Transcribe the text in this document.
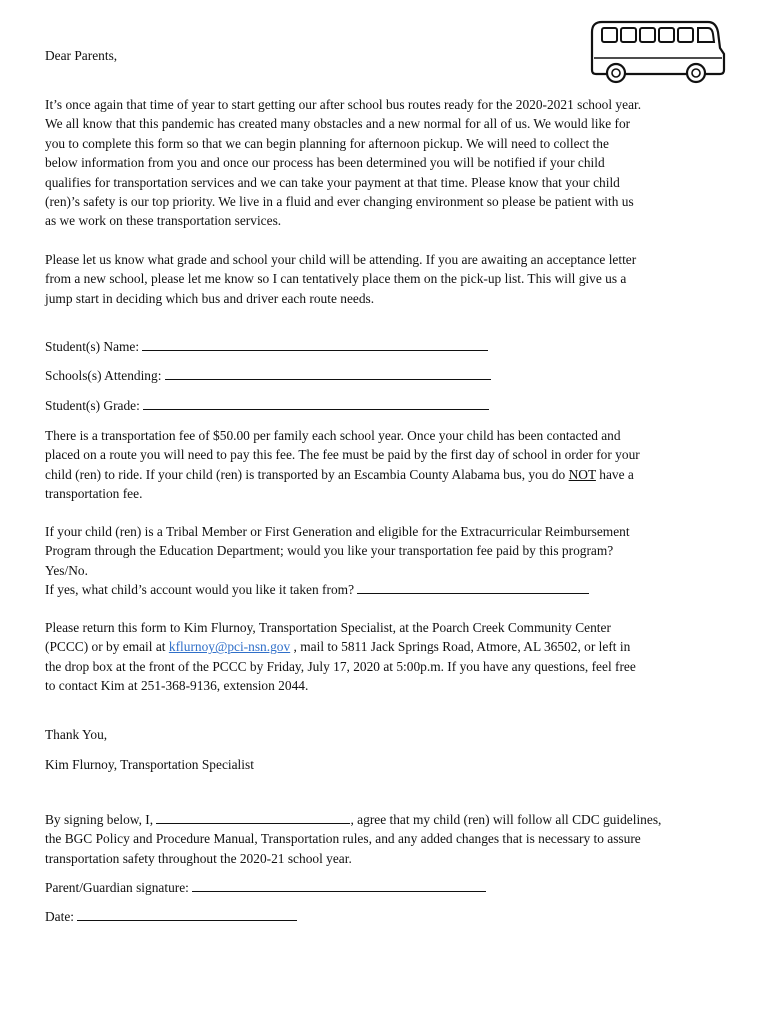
Dear Parents,

It’s once again that time of year to start getting our after school bus routes ready for the 2020-2021 school year.

We all know that this pandemic has created many obstacles and a new normal for all of us. We would like for

you to complete this form so that we can begin planning for afternoon pickup. We will need to collect the

below information from you and once our process has been determined you will be notified if your child

qualifies for transportation services and we can take your payment at that time. Please know that your child

(ren)’s safety is our top priority. We live in a fluid and ever changing environment so please be patient with us

as we work on these transportation services.

Please let us know what grade and school your child will be attending. If you are awaiting an acceptance letter

from a new school, please let me know so I can tentatively place them on the pick-up list. This will give us a

jump start in deciding which bus and driver each route needs.

Student(s) Name:
Schools(s) Attending:
Student(s) Grade:

There is a transportation fee of $50.00 per family each school year. Once your child has been contacted and

placed on a route you will need to pay this fee. The fee must be paid by the first day of school in order for your

child (ren) to ride. If your child (ren) is transported by an Escambia County Alabama bus, you do NOT have a

transportation fee.

If your child (ren) is a Tribal Member or First Generation and eligible for the Extracurricular Reimbursement

Program through the Education Department; would you like your transportation fee paid by this program?

Yes/No.

If yes, what child’s account would you like it taken from?

Please return this form to Kim Flurnoy, Transportation Specialist, at the Poarch Creek Community Center

(PCCC) or by email at kflurnoy@pci-nsn.gov , mail to 5811 Jack Springs Road, Atmore, AL 36502, or left in

the drop box at the front of the PCCC by Friday, July 17, 2020 at 5:00p.m. If you have any questions, feel free

to contact Kim at 251-368-9136, extension 2044.

Thank You,
Kim Flurnoy, Transportation Specialist

By signing below, I,	, agree that my child (ren) will follow all CDC guidelines,

the BGC Policy and Procedure Manual, Transportation rules, and any added changes that is necessary to assure

transportation safety throughout the 2020-21 school year.

Parent/Guardian signature:
Date:
